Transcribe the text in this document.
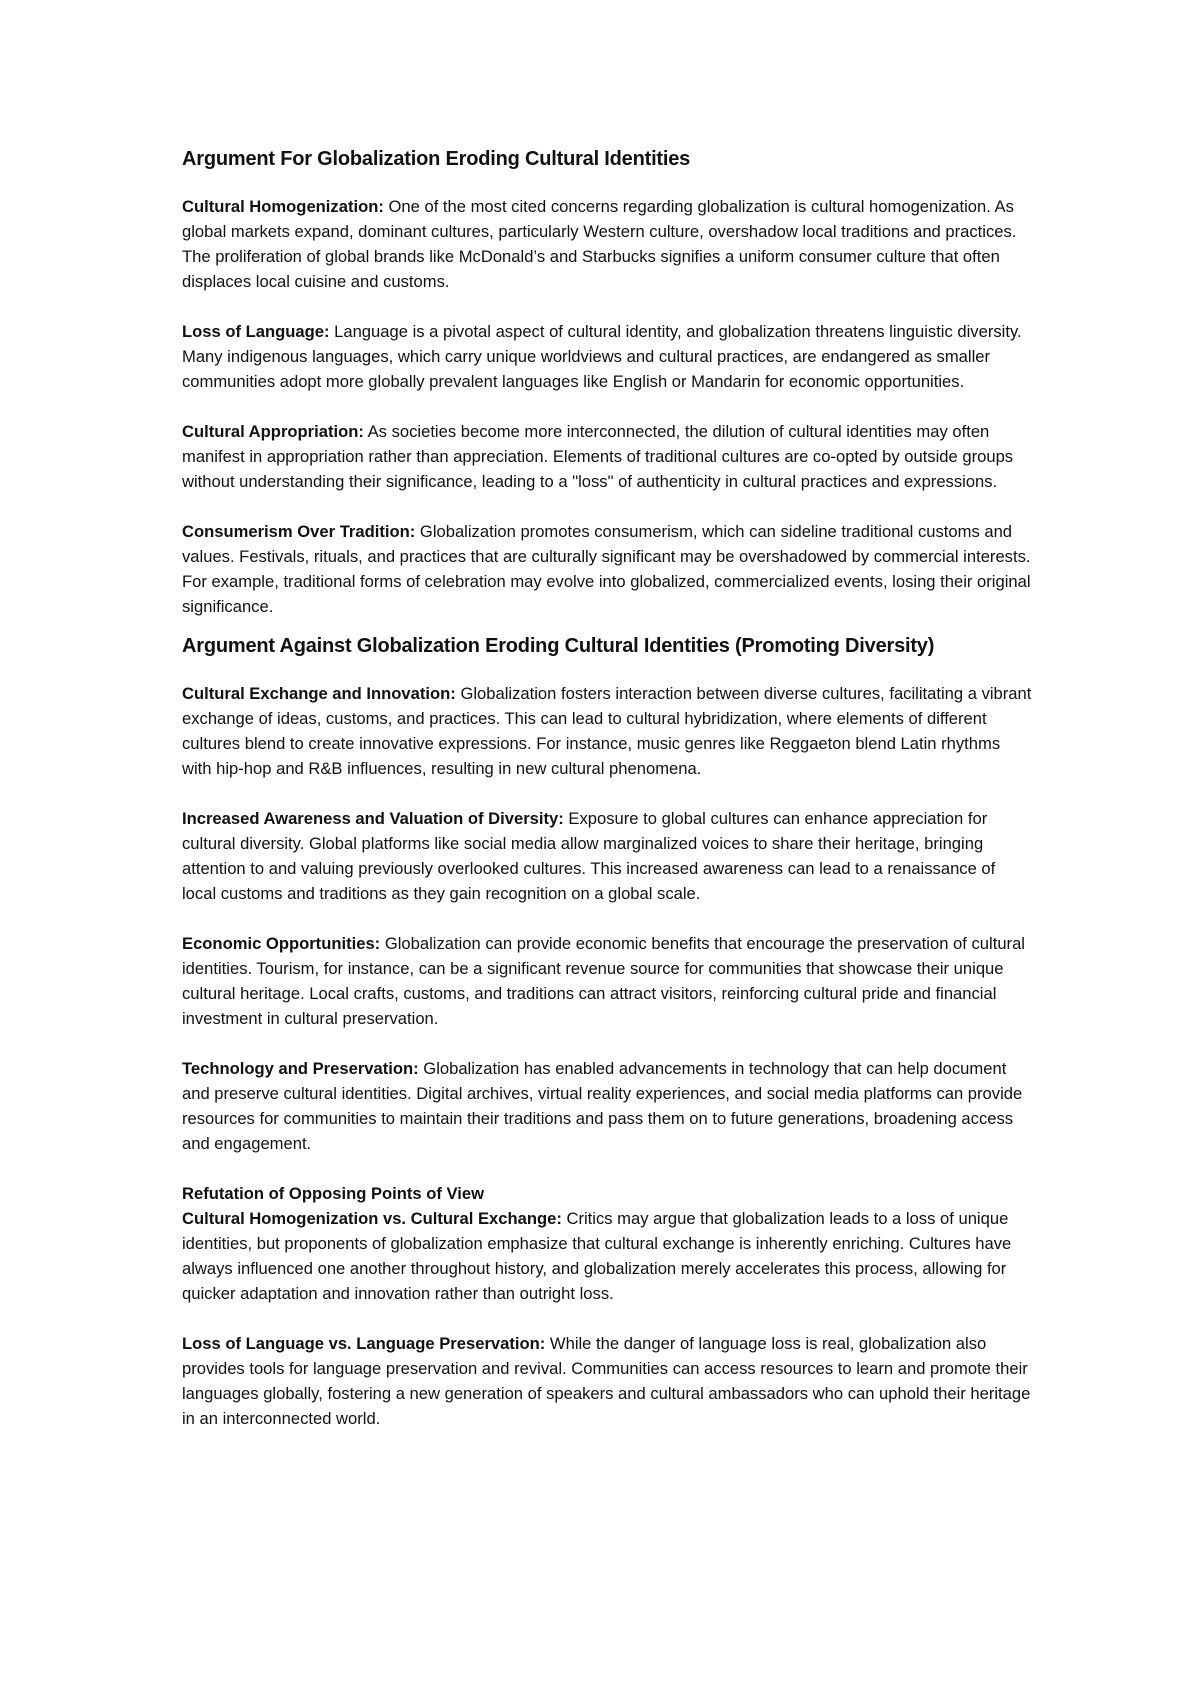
Argument For Globalization Eroding Cultural Identities

Cultural Homogenization: One of the most cited concerns regarding globalization is cultural homogenization. As global markets expand, dominant cultures, particularly Western culture, overshadow local traditions and practices. The proliferation of global brands like McDonald’s and Starbucks signifies a uniform consumer culture that often displaces local cuisine and customs.

Loss of Language: Language is a pivotal aspect of cultural identity, and globalization threatens linguistic diversity. Many indigenous languages, which carry unique worldviews and cultural practices, are endangered as smaller communities adopt more globally prevalent languages like English or Mandarin for economic opportunities.

Cultural Appropriation: As societies become more interconnected, the dilution of cultural identities may often manifest in appropriation rather than appreciation. Elements of traditional cultures are co-opted by outside groups without understanding their significance, leading to a "loss" of authenticity in cultural practices and expressions.

Consumerism Over Tradition: Globalization promotes consumerism, which can sideline traditional customs and values. Festivals, rituals, and practices that are culturally significant may be overshadowed by commercial interests. For example, traditional forms of celebration may evolve into globalized, commercialized events, losing their original significance.

Argument Against Globalization Eroding Cultural Identities (Promoting Diversity)

Cultural Exchange and Innovation: Globalization fosters interaction between diverse cultures, facilitating a vibrant exchange of ideas, customs, and practices. This can lead to cultural hybridization, where elements of different cultures blend to create innovative expressions. For instance, music genres like Reggaeton blend Latin rhythms with hip-hop and R&B influences, resulting in new cultural phenomena.

Increased Awareness and Valuation of Diversity: Exposure to global cultures can enhance appreciation for cultural diversity. Global platforms like social media allow marginalized voices to share their heritage, bringing attention to and valuing previously overlooked cultures. This increased awareness can lead to a renaissance of local customs and traditions as they gain recognition on a global scale.

Economic Opportunities: Globalization can provide economic benefits that encourage the preservation of cultural identities. Tourism, for instance, can be a significant revenue source for communities that showcase their unique cultural heritage. Local crafts, customs, and traditions can attract visitors, reinforcing cultural pride and financial investment in cultural preservation.

Technology and Preservation: Globalization has enabled advancements in technology that can help document and preserve cultural identities. Digital archives, virtual reality experiences, and social media platforms can provide resources for communities to maintain their traditions and pass them on to future generations, broadening access and engagement.

Refutation of Opposing Points of View

Cultural Homogenization vs. Cultural Exchange: Critics may argue that globalization leads to a loss of unique identities, but proponents of globalization emphasize that cultural exchange is inherently enriching. Cultures have always influenced one another throughout history, and globalization merely accelerates this process, allowing for quicker adaptation and innovation rather than outright loss.

Loss of Language vs. Language Preservation: While the danger of language loss is real, globalization also provides tools for language preservation and revival. Communities can access resources to learn and promote their languages globally, fostering a new generation of speakers and cultural ambassadors who can uphold their heritage in an interconnected world.
